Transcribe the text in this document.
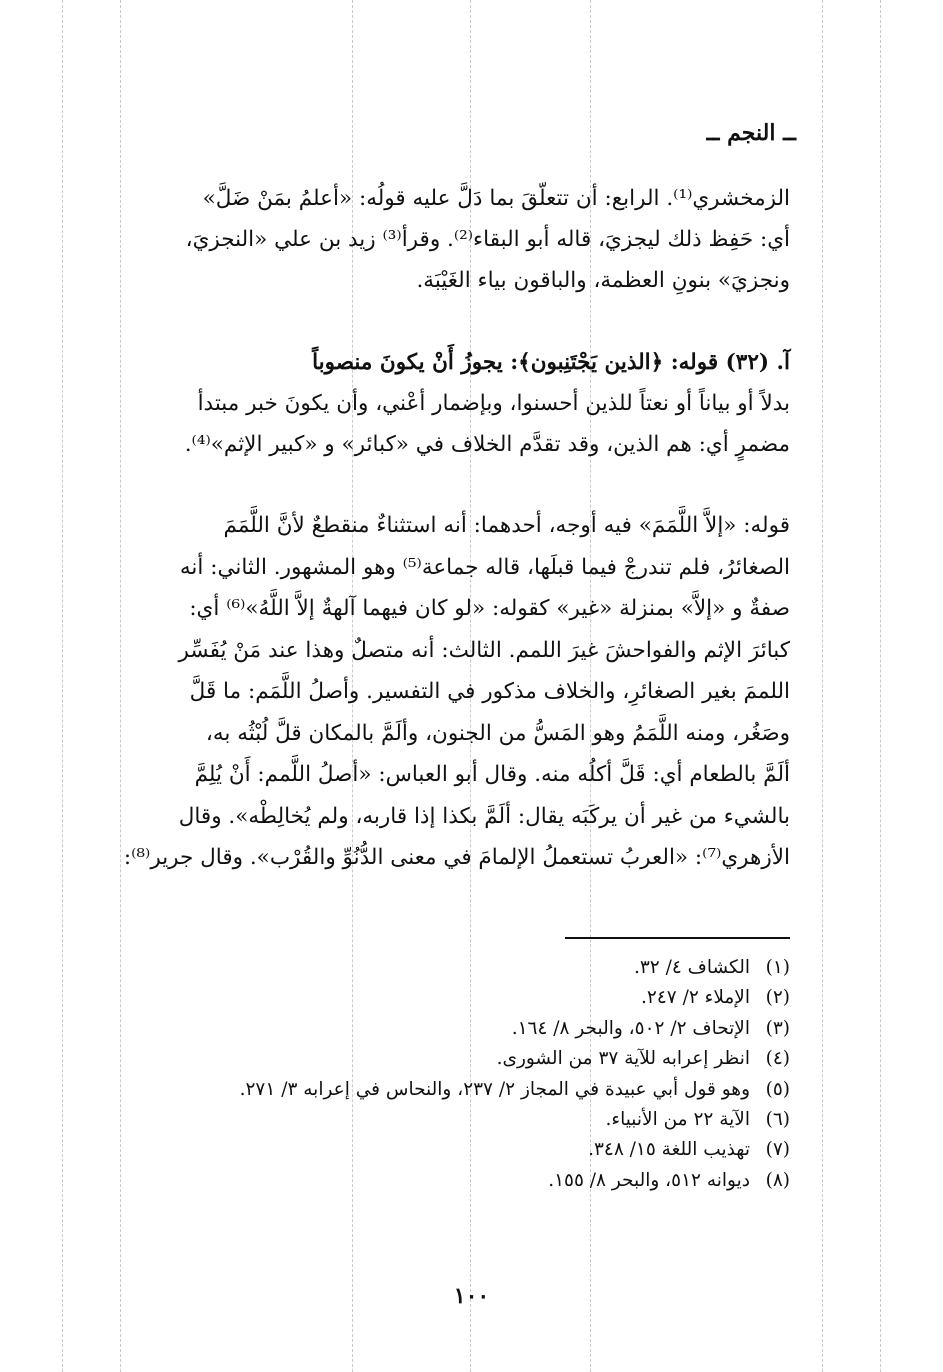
ــ النجم ــ
الزمخشري⁽¹⁾. الرابع: أن تتعلّقَ بما دَلَّ عليه قولُه: «أعلمُ بمَنْ ضَلَّ»
أي: حَفِظ ذلك ليجزيَ، قاله أبو البقاء⁽²⁾. وقرأ⁽³⁾ زيد بن علي «النجزيَ،
ونجزيَ» بنونِ العظمة، والباقون بياء الغَيْبَة.
آ. (٣٢) قوله: ﴿الذين يَجْتَنِبون﴾: يجوزُ أَنْ يكونَ منصوباً
بدلاً أو بياناً أو نعتاً للذين أحسنوا، وبإضمار أعْني، وأن يكونَ خبر مبتدأ
مضمرٍ أي: هم الذين، وقد تقدَّم الخلاف في «كبائر» و «كبير الإثم»⁽⁴⁾.
قوله: «إلاَّ اللَّمَمَ» فيه أوجه، أحدهما: أنه استثناءٌ منقطعٌ لأنَّ اللَّمَمَ
الصغائرُ، فلم تندرجْ فيما قبلَها، قاله جماعة⁽⁵⁾ وهو المشهور. الثاني: أنه
صفةٌ و «إلاَّ» بمنزلة «غير» كقوله: «لو كان فيهما آلهةٌ إلاَّ اللَّهُ»⁽⁶⁾ أي:
كبائرَ الإثم والفواحشَ غيرَ اللمم. الثالث: أنه متصلٌ وهذا عند مَنْ يُفَسِّر
اللممَ بغير الصغائرِ، والخلاف مذكور في التفسير. وأصلُ اللَّمَم: ما قَلَّ
وصَغُر، ومنه اللَّمَمُ وهو المَسُّ من الجنون، وألَمَّ بالمكان قلَّ لُبْثُه به،
ألَمَّ بالطعام أي: قَلَّ أكلُه منه. وقال أبو العباس: «أصلُ اللَّمم: أَنْ يُلِمَّ
بالشيء من غير أن يركَبَه يقال: ألَمَّ بكذا إذا قاربه، ولم يُخالِطْه». وقال
الأزهري⁽⁷⁾: «العربُ تستعملُ الإلمامَ في معنى الدُّنُوِّ والقُرْب». وقال جرير⁽⁸⁾:
(١)الكشاف ٤/ ٣٢.
(٢)الإملاء ٢/ ٢٤٧.
(٣)الإتحاف ٢/ ٥٠٢، والبحر ٨/ ١٦٤.
(٤)انظر إعرابه للآية ٣٧ من الشورى.
(٥)وهو قول أبي عبيدة في المجاز ٢/ ٢٣٧، والنحاس في إعرابه ٣/ ٢٧١.
(٦)الآية ٢٢ من الأنبياء.
(٧)تهذيب اللغة ١٥/ ٣٤٨.
(٨)ديوانه ٥١٢، والبحر ٨/ ١٥٥.
١٠٠
